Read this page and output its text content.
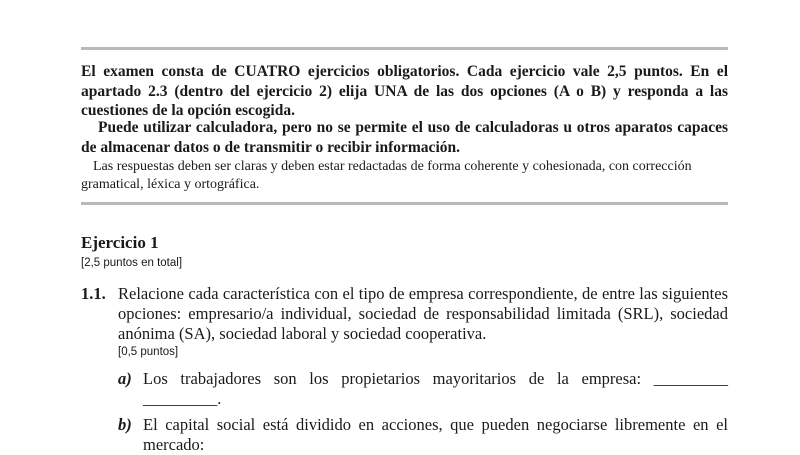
El examen consta de CUATRO ejercicios obligatorios. Cada ejercicio vale 2,5 puntos. En el apartado 2.3 (dentro del ejercicio 2) elija UNA de las dos opciones (A o B) y responda a las cuestiones de la opción escogida.
Puede utilizar calculadora, pero no se permite el uso de calculadoras u otros aparatos capaces de almacenar datos o de transmitir o recibir información.
Las respuestas deben ser claras y deben estar redactadas de forma coherente y cohesionada, con corrección gramatical, léxica y ortográfica.
Ejercicio 1
[2,5 puntos en total]
1.1. Relacione cada característica con el tipo de empresa correspondiente, de entre las siguientes opciones: empresario/a individual, sociedad de responsabilidad limitada (SRL), sociedad anónima (SA), sociedad laboral y sociedad cooperativa.
[0,5 puntos]
a) Los trabajadores son los propietarios mayoritarios de la empresa: _________ _________.
b) El capital social está dividido en acciones, que pueden negociarse libremente en el mercado:
